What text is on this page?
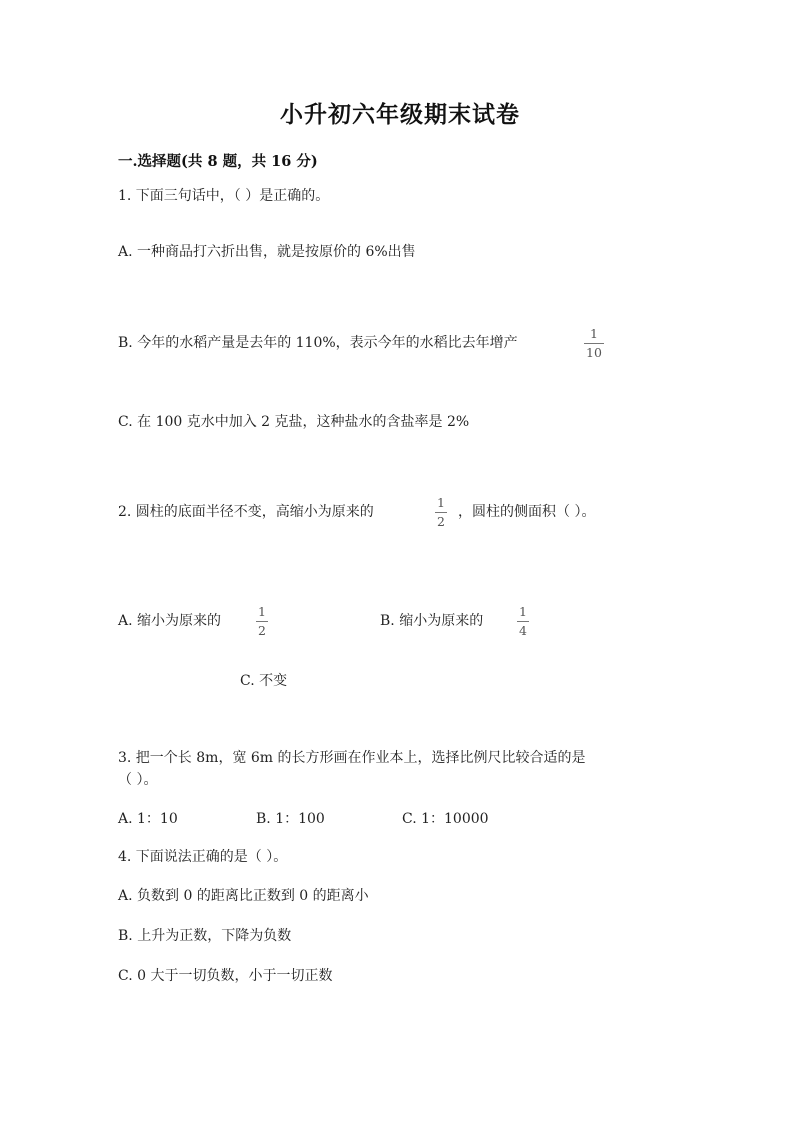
小升初六年级期末试卷
一.选择题(共 8 题，共 16 分)
1. 下面三句话中，（ ）是正确的。
A. 一种商品打六折出售，就是按原价的 6%出售
B. 今年的水稻产量是去年的 110%，表示今年的水稻比去年增产
1
10
C. 在 100 克水中加入 2 克盐，这种盐水的含盐率是 2%
2. 圆柱的底面半径不变，高缩小为原来的
1
2
，圆柱的侧面积（ ）。
A. 缩小为原来的
1
2
B. 缩小为原来的
1
4
C. 不变
3. 把一个长 8m，宽 6m 的长方形画在作业本上，选择比例尺比较合适的是
（ ）。
A. 1：10	B. 1：100	C. 1：10000
4. 下面说法正确的是（ ）。
A. 负数到 0 的距离比正数到 0 的距离小
B. 上升为正数，下降为负数
C. 0 大于一切负数，小于一切正数
